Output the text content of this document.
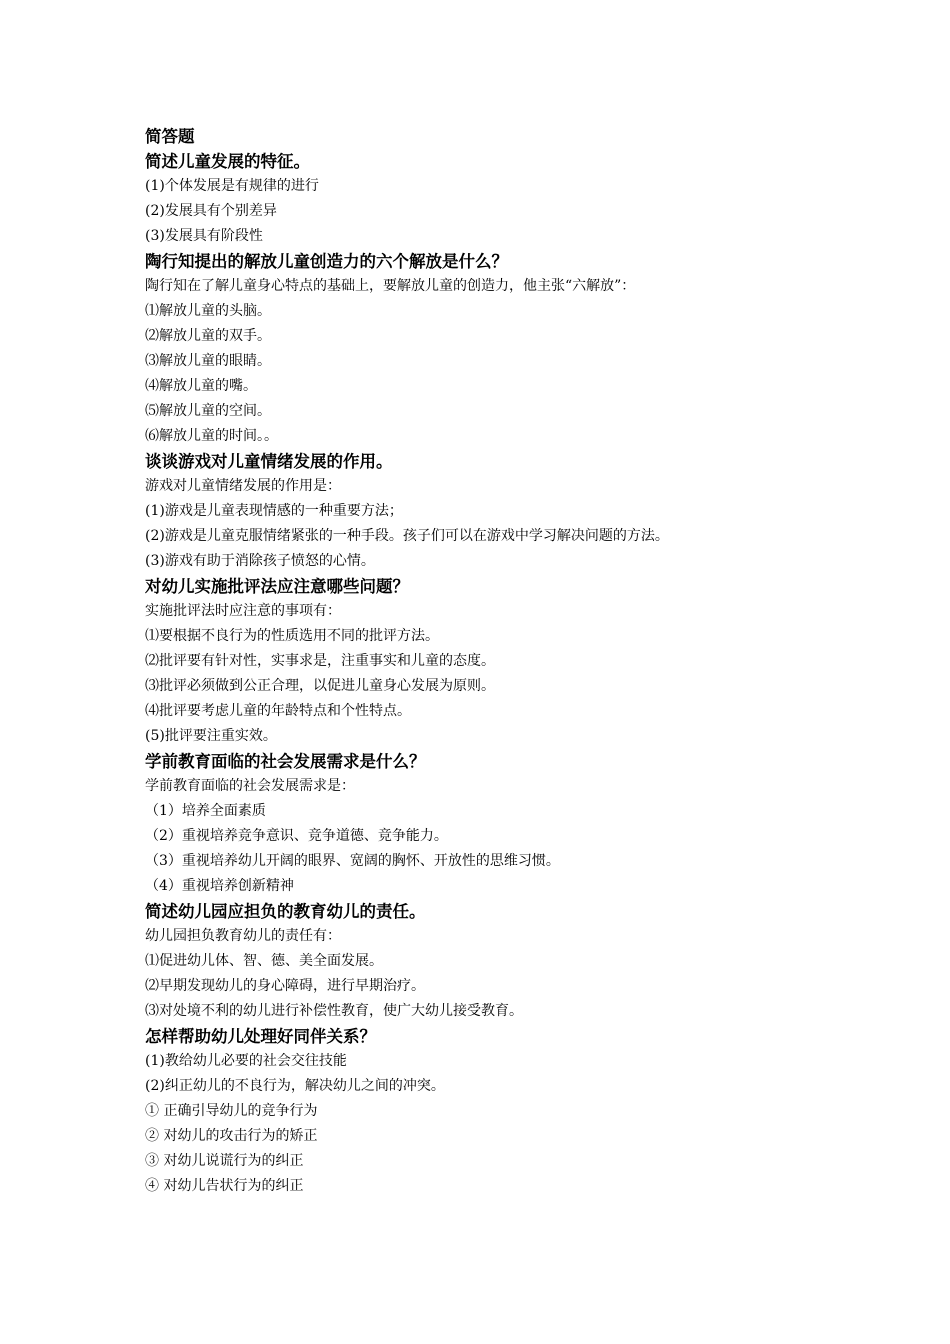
简答题
简述儿童发展的特征。
(1)个体发展是有规律的进行
(2)发展具有个别差异
(3)发展具有阶段性
陶行知提出的解放儿童创造力的六个解放是什么？
陶行知在了解儿童身心特点的基础上，要解放儿童的创造力，他主张“六解放”：
⑴解放儿童的头脑。
⑵解放儿童的双手。
⑶解放儿童的眼睛。
⑷解放儿童的嘴。
⑸解放儿童的空间。
⑹解放儿童的时间。。
谈谈游戏对儿童情绪发展的作用。
游戏对儿童情绪发展的作用是：
(1)游戏是儿童表现情感的一种重要方法；
(2)游戏是儿童克服情绪紧张的一种手段。孩子们可以在游戏中学习解决问题的方法。
(3)游戏有助于消除孩子愤怒的心情。
对幼儿实施批评法应注意哪些问题？
实施批评法时应注意的事项有：
⑴要根据不良行为的性质选用不同的批评方法。
⑵批评要有针对性，实事求是，注重事实和儿童的态度。
⑶批评必须做到公正合理，以促进儿童身心发展为原则。
⑷批评要考虑儿童的年龄特点和个性特点。
(5)批评要注重实效。
学前教育面临的社会发展需求是什么？
学前教育面临的社会发展需求是：
（1）培养全面素质
（2）重视培养竞争意识、竞争道德、竞争能力。
（3）重视培养幼儿开阔的眼界、宽阔的胸怀、开放性的思维习惯。
（4）重视培养创新精神
简述幼儿园应担负的教育幼儿的责任。
幼儿园担负教育幼儿的责任有：
⑴促进幼儿体、智、德、美全面发展。
⑵早期发现幼儿的身心障碍，进行早期治疗。
⑶对处境不利的幼儿进行补偿性教育，使广大幼儿接受教育。
怎样帮助幼儿处理好同伴关系？
(1)教给幼儿必要的社会交往技能
(2)纠正幼儿的不良行为，解决幼儿之间的冲突。
① 正确引导幼儿的竞争行为
② 对幼儿的攻击行为的矫正
③ 对幼儿说谎行为的纠正
④ 对幼儿告状行为的纠正
